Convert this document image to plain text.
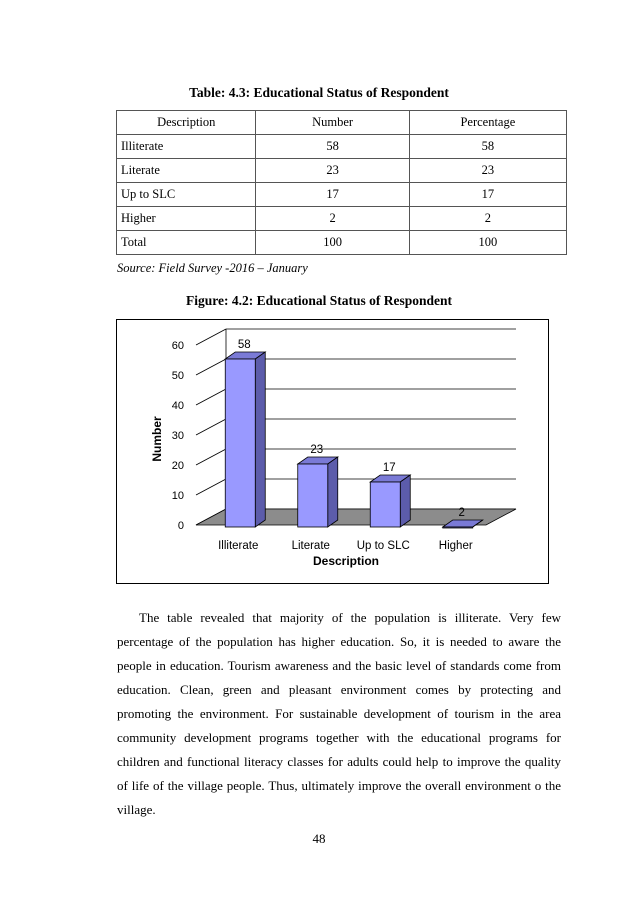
Table: 4.3: Educational Status of Respondent
Description	Number	Percentage
Illiterate	58	58
Literate	23	23
Up to SLC	17	17
Higher	2	2
Total	100	100
Source: Field Survey -2016 – January
Figure: 4.2: Educational Status of Respondent
0
10
20
30
40
50
60	58
Illiterate
23
Literate
17
Up to SLC
2
Higher
Description
Number

The table revealed that majority of the population is illiterate. Very few percentage of the population has higher education. So, it is needed to aware the people in education. Tourism awareness and the basic level of standards come from education. Clean, green and pleasant environment comes by protecting and promoting the environment. For sustainable development of tourism in the area community development programs together with the educational programs for children and functional literacy classes for adults could help to improve the quality of life of the village people. Thus, ultimately improve the overall environment o the village.

48
